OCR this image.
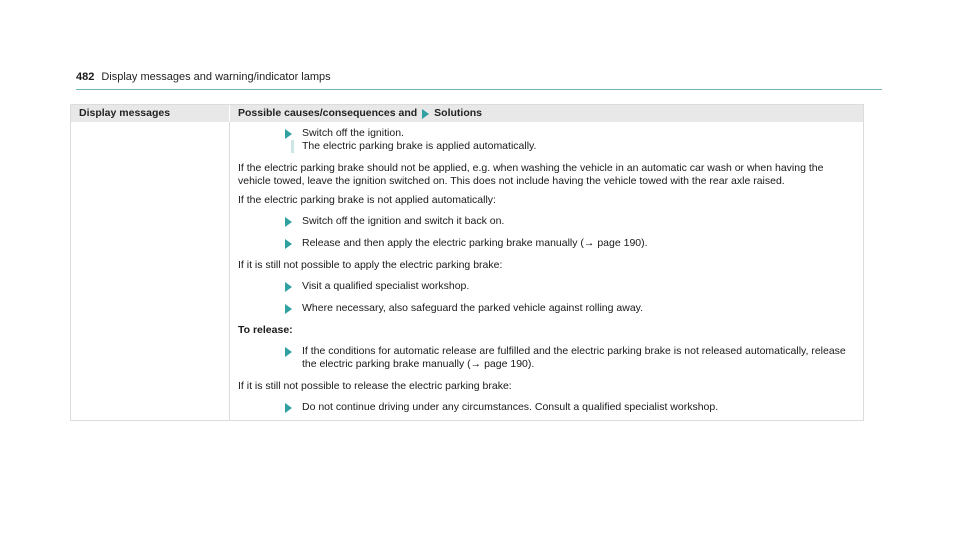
482 Display messages and warning/indicator lamps
Display messages	Possible causes/consequences and Solutions
Switch off the ignition.
The electric parking brake is applied automatically.
If the electric parking brake should not be applied, e.g. when washing the vehicle in an automatic car wash or when having the vehicle towed, leave the ignition switched on. This does not include having the vehicle towed with the rear axle raised.
If the electric parking brake is not applied automatically:
Switch off the ignition and switch it back on.
Release and then apply the electric parking brake manually (→ page 190).
If it is still not possible to apply the electric parking brake:
Visit a qualified specialist workshop.
Where necessary, also safeguard the parked vehicle against rolling away.
To release:
If the conditions for automatic release are fulfilled and the electric parking brake is not released automatically, release the electric parking brake manually (→ page 190).
If it is still not possible to release the electric parking brake:
Do not continue driving under any circumstances. Consult a qualified specialist workshop.
